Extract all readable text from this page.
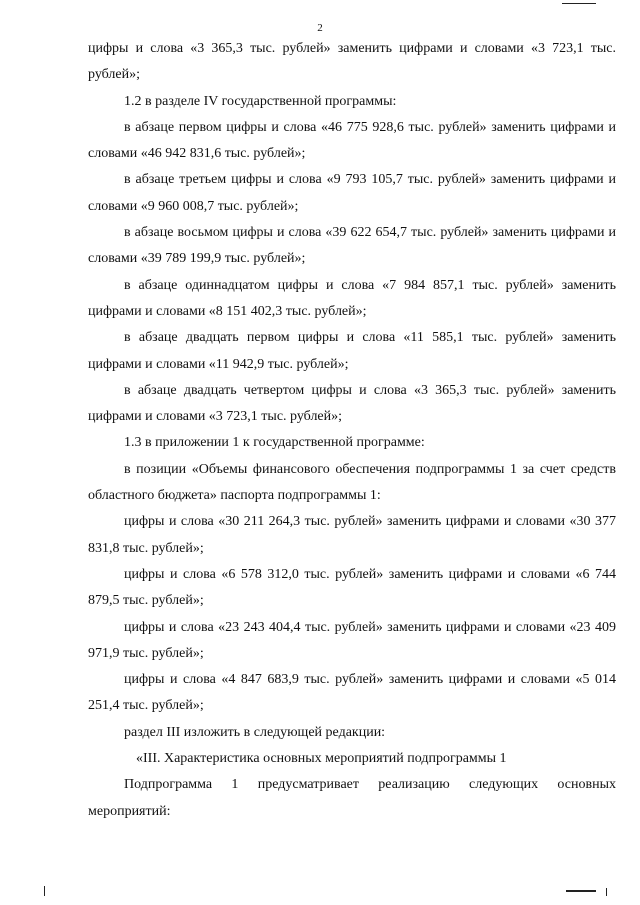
2

цифры и слова «3 365,3 тыс. рублей» заменить цифрами и словами «3 723,1 тыс. рублей»;

1.2 в разделе IV государственной программы:

в абзаце первом цифры и слова «46 775 928,6 тыс. рублей» заменить цифрами и словами «46 942 831,6 тыс. рублей»;

в абзаце третьем цифры и слова «9 793 105,7 тыс. рублей» заменить цифрами и словами «9 960 008,7 тыс. рублей»;

в абзаце восьмом цифры и слова «39 622 654,7 тыс. рублей» заменить цифрами и словами «39 789 199,9 тыс. рублей»;

в абзаце одиннадцатом цифры и слова «7 984 857,1 тыс. рублей» заменить цифрами и словами «8 151 402,3 тыс. рублей»;

в абзаце двадцать первом цифры и слова «11 585,1 тыс. рублей» заменить цифрами и словами «11 942,9 тыс. рублей»;

в абзаце двадцать четвертом цифры и слова «3 365,3 тыс. рублей» заменить цифрами и словами «3 723,1 тыс. рублей»;

1.3 в приложении 1 к государственной программе:

в позиции «Объемы финансового обеспечения подпрограммы 1 за счет средств областного бюджета» паспорта подпрограммы 1:

цифры и слова «30 211 264,3 тыс. рублей» заменить цифрами и словами «30 377 831,8 тыс. рублей»;

цифры и слова «6 578 312,0 тыс. рублей» заменить цифрами и словами «6 744 879,5 тыс. рублей»;

цифры и слова «23 243 404,4 тыс. рублей» заменить цифрами и словами «23 409 971,9 тыс. рублей»;

цифры и слова «4 847 683,9 тыс. рублей» заменить цифрами и словами «5 014 251,4 тыс. рублей»;

раздел III изложить в следующей редакции:

«III. Характеристика основных мероприятий подпрограммы 1

Подпрограмма 1 предусматривает реализацию следующих основных мероприятий:
